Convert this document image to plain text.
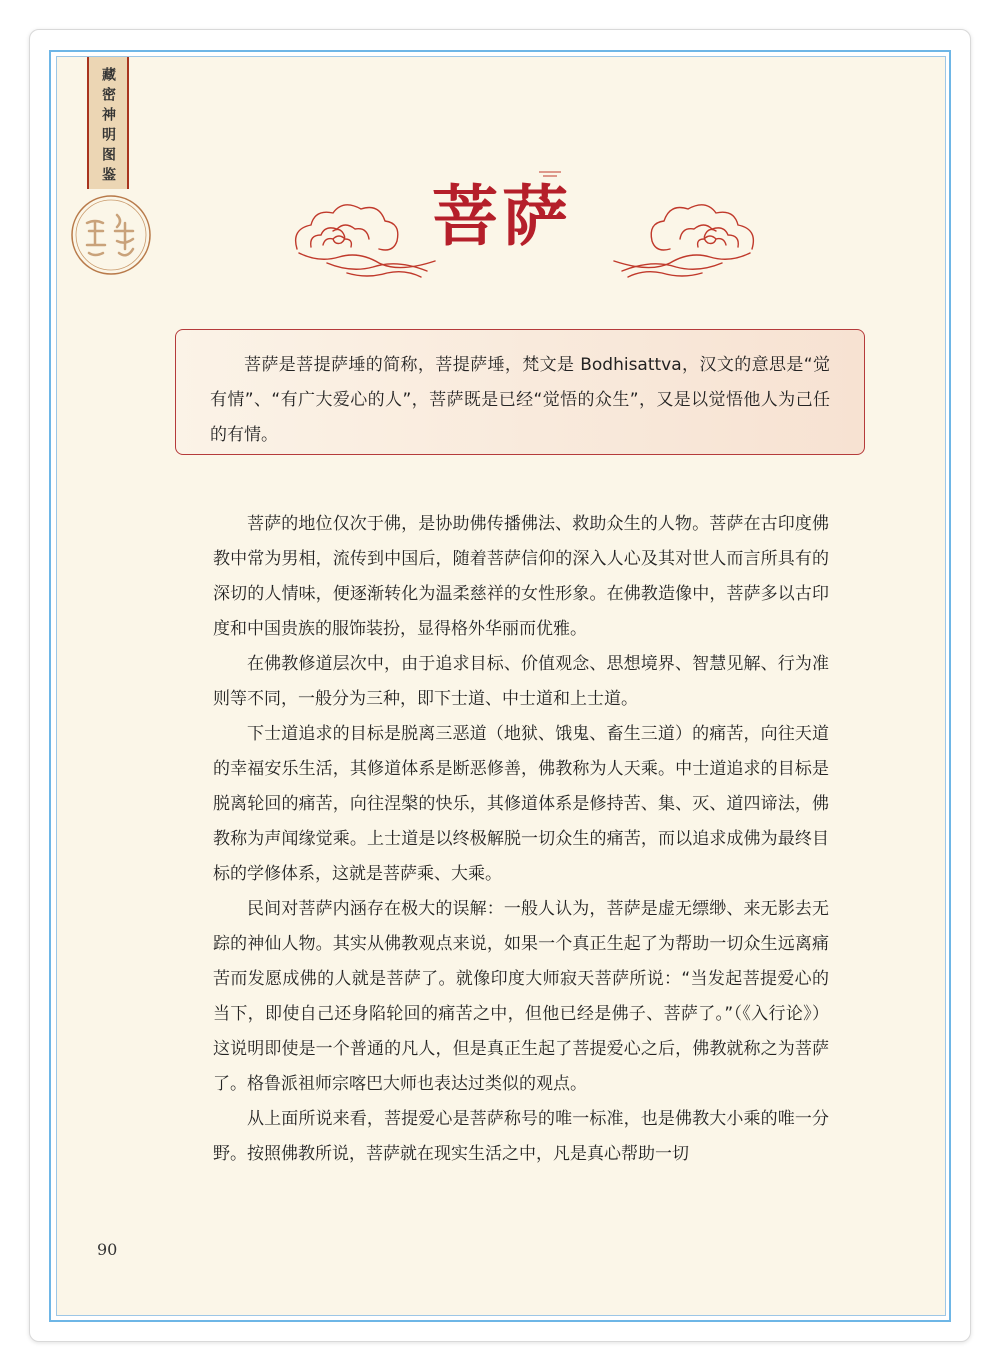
藏密神明图鉴
菩萨

菩萨是菩提萨埵的简称，菩提萨埵，梵文是 Bodhisattva，汉文的意思是“觉有情”、“有广大爱心的人”，菩萨既是已经“觉悟的众生”，又是以觉悟他人为己任的有情。

菩萨的地位仅次于佛，是协助佛传播佛法、救助众生的人物。菩萨在古印度佛教中常为男相，流传到中国后，随着菩萨信仰的深入人心及其对世人而言所具有的深切的人情味，便逐渐转化为温柔慈祥的女性形象。在佛教造像中，菩萨多以古印度和中国贵族的服饰装扮，显得格外华丽而优雅。

在佛教修道层次中，由于追求目标、价值观念、思想境界、智慧见解、行为准则等不同，一般分为三种，即下士道、中士道和上士道。

下士道追求的目标是脱离三恶道（地狱、饿鬼、畜生三道）的痛苦，向往天道的幸福安乐生活，其修道体系是断恶修善，佛教称为人天乘。中士道追求的目标是脱离轮回的痛苦，向往涅槃的快乐，其修道体系是修持苦、集、灭、道四谛法，佛教称为声闻缘觉乘。上士道是以终极解脱一切众生的痛苦，而以追求成佛为最终目标的学修体系，这就是菩萨乘、大乘。

民间对菩萨内涵存在极大的误解：一般人认为，菩萨是虚无缥缈、来无影去无踪的神仙人物。其实从佛教观点来说，如果一个真正生起了为帮助一切众生远离痛苦而发愿成佛的人就是菩萨了。就像印度大师寂天菩萨所说：“当发起菩提爱心的当下，即使自己还身陷轮回的痛苦之中，但他已经是佛子、菩萨了。”（《入行论》）这说明即使是一个普通的凡人，但是真正生起了菩提爱心之后，佛教就称之为菩萨了。格鲁派祖师宗喀巴大师也表达过类似的观点。

从上面所说来看，菩提爱心是菩萨称号的唯一标准，也是佛教大小乘的唯一分野。按照佛教所说，菩萨就在现实生活之中，凡是真心帮助一切

90
